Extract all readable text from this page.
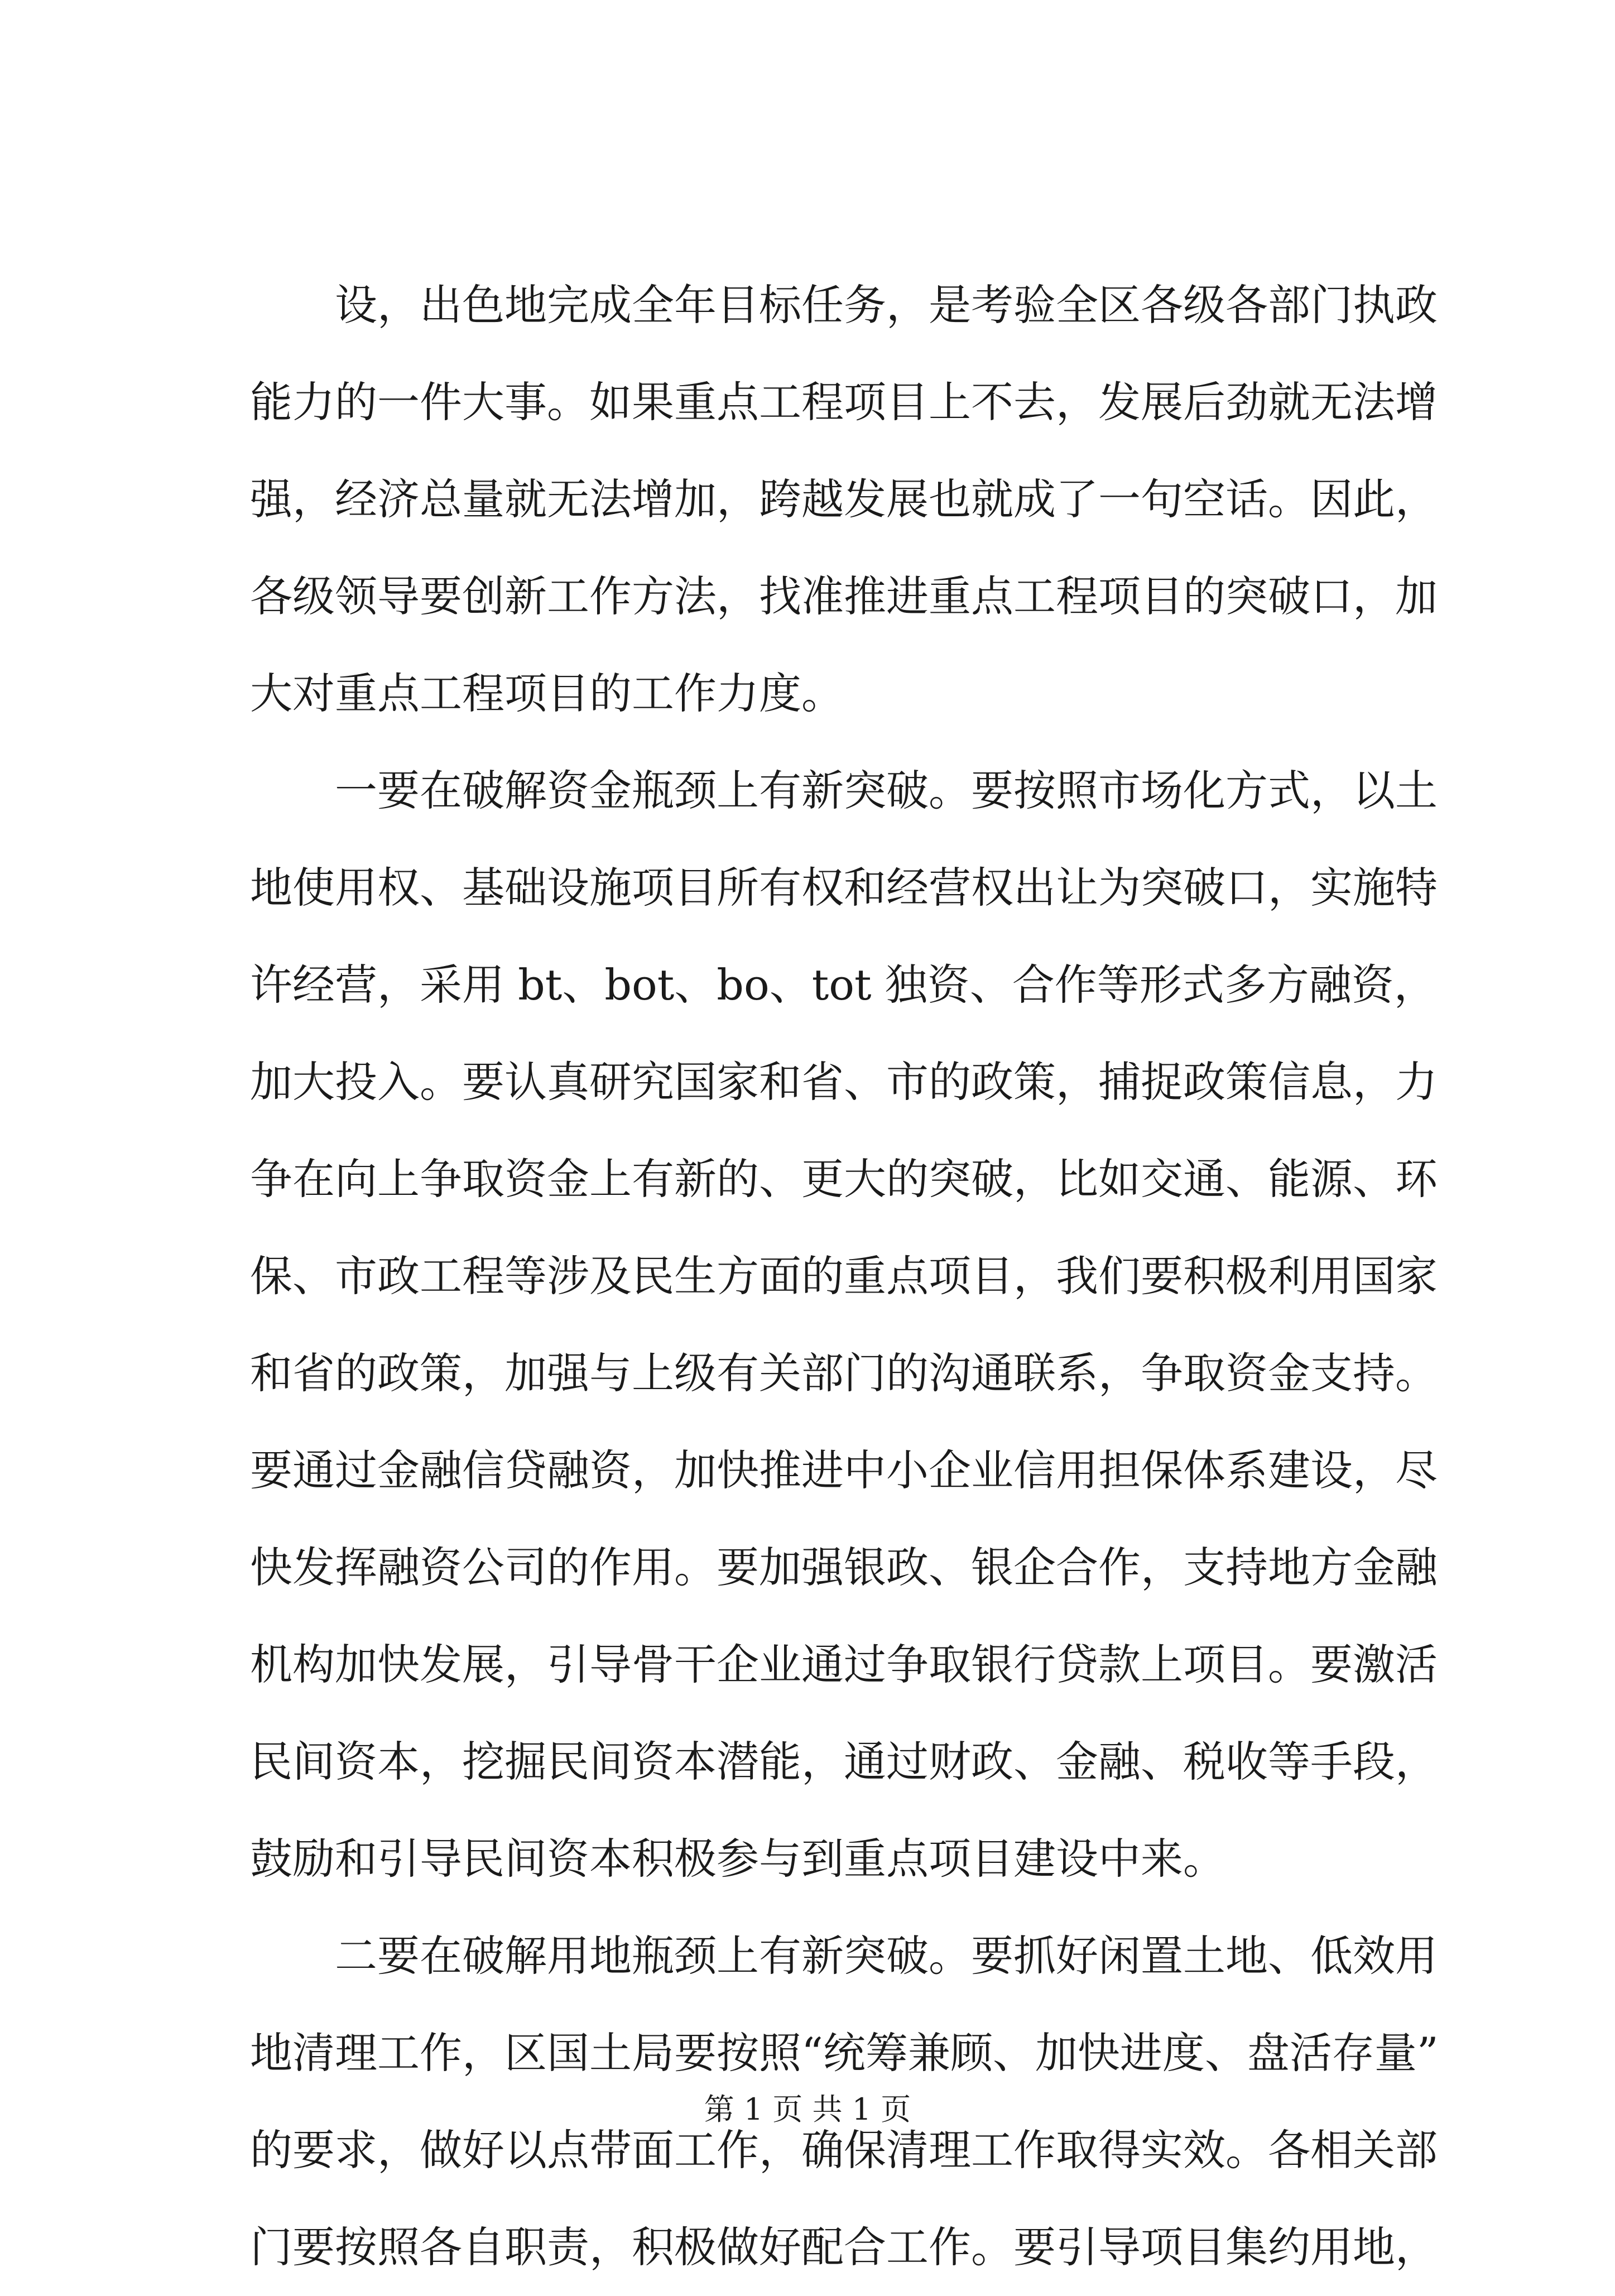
设，出色地完成全年目标任务，是考验全区各级各部门执政
能力的一件大事。如果重点工程项目上不去，发展后劲就无法增
强，经济总量就无法增加，跨越发展也就成了一句空话。因此，
各级领导要创新工作方法，找准推进重点工程项目的突破口，加
大对重点工程项目的工作力度。
一要在破解资金瓶颈上有新突破。要按照市场化方式，以土
地使用权、基础设施项目所有权和经营权出让为突破口，实施特
许经营，采用 bt、bot、bo、tot 独资、合作等形式多方融资，
加大投入。要认真研究国家和省、市的政策，捕捉政策信息，力
争在向上争取资金上有新的、更大的突破，比如交通、能源、环
保、市政工程等涉及民生方面的重点项目，我们要积极利用国家
和省的政策，加强与上级有关部门的沟通联系，争取资金支持。
要通过金融信贷融资，加快推进中小企业信用担保体系建设，尽
快发挥融资公司的作用。要加强银政、银企合作，支持地方金融
机构加快发展，引导骨干企业通过争取银行贷款上项目。要激活
民间资本，挖掘民间资本潜能，通过财政、金融、税收等手段，
鼓励和引导民间资本积极参与到重点项目建设中来。
二要在破解用地瓶颈上有新突破。要抓好闲置土地、低效用
地清理工作，区国土局要按照“统筹兼顾、加快进度、盘活存量”
的要求，做好以点带面工作，确保清理工作取得实效。各相关部
门要按照各自职责，积极做好配合工作。要引导项目集约用地，
第 1 页 共 1 页
